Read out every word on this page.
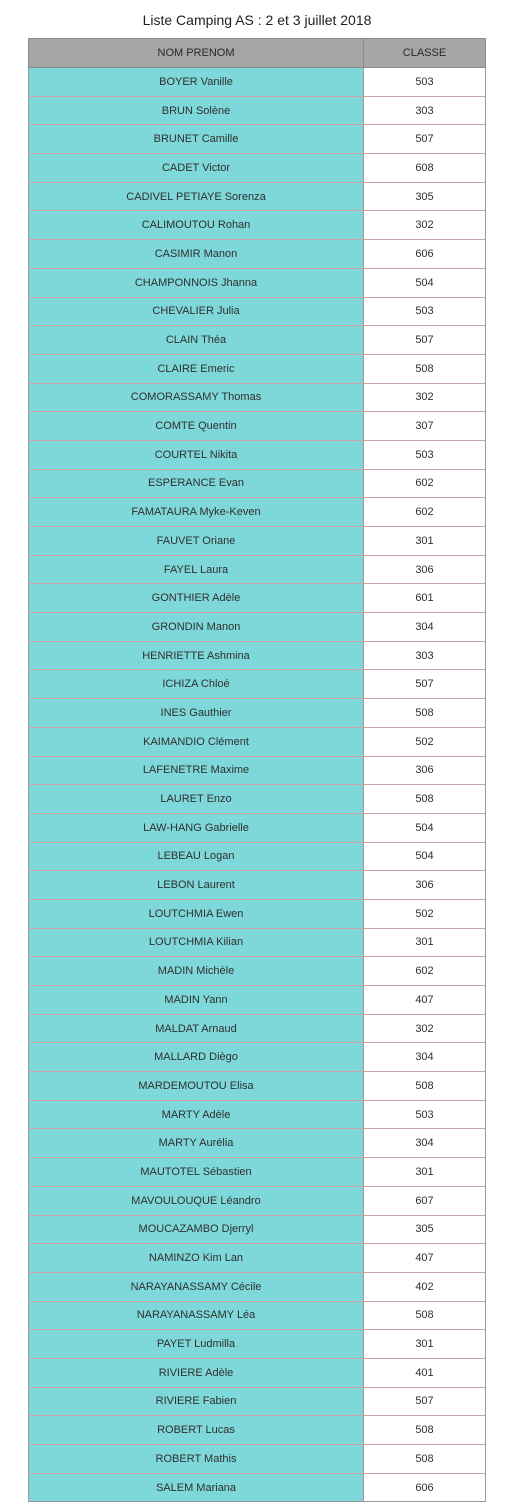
Liste Camping AS : 2 et 3 juillet 2018
NOM PRENOM	CLASSE
BOYER Vanille	503
BRUN Solène	303
BRUNET Camille	507
CADET Victor	608
CADIVEL PETIAYE Sorenza	305
CALIMOUTOU Rohan	302
CASIMIR Manon	606
CHAMPONNOIS Jhanna	504
CHEVALIER Julia	503
CLAIN Théa	507
CLAIRE Emeric	508
COMORASSAMY Thomas	302
COMTE Quentin	307
COURTEL Nikita	503
ESPERANCE Evan	602
FAMATAURA Myke-Keven	602
FAUVET Oriane	301
FAYEL Laura	306
GONTHIER Adèle	601
GRONDIN Manon	304
HENRIETTE Ashmina	303
ICHIZA Chloé	507
INES Gauthier	508
KAIMANDIO Clément	502
LAFENETRE Maxime	306
LAURET Enzo	508
LAW-HANG Gabrielle	504
LEBEAU Logan	504
LEBON Laurent	306
LOUTCHMIA Ewen	502
LOUTCHMIA Kilian	301
MADIN Michèle	602
MADIN Yann	407
MALDAT Arnaud	302
MALLARD Diègo	304
MARDEMOUTOU Elisa	508
MARTY Adèle	503
MARTY Aurélia	304
MAUTOTEL Sébastien	301
MAVOULOUQUE Léandro	607
MOUCAZAMBO Djerryl	305
NAMINZO Kim Lan	407
NARAYANASSAMY Cécile	402
NARAYANASSAMY Léa	508
PAYET Ludmilla	301
RIVIERE Adèle	401
RIVIERE Fabien	507
ROBERT Lucas	508
ROBERT Mathis	508
SALEM Mariana	606
